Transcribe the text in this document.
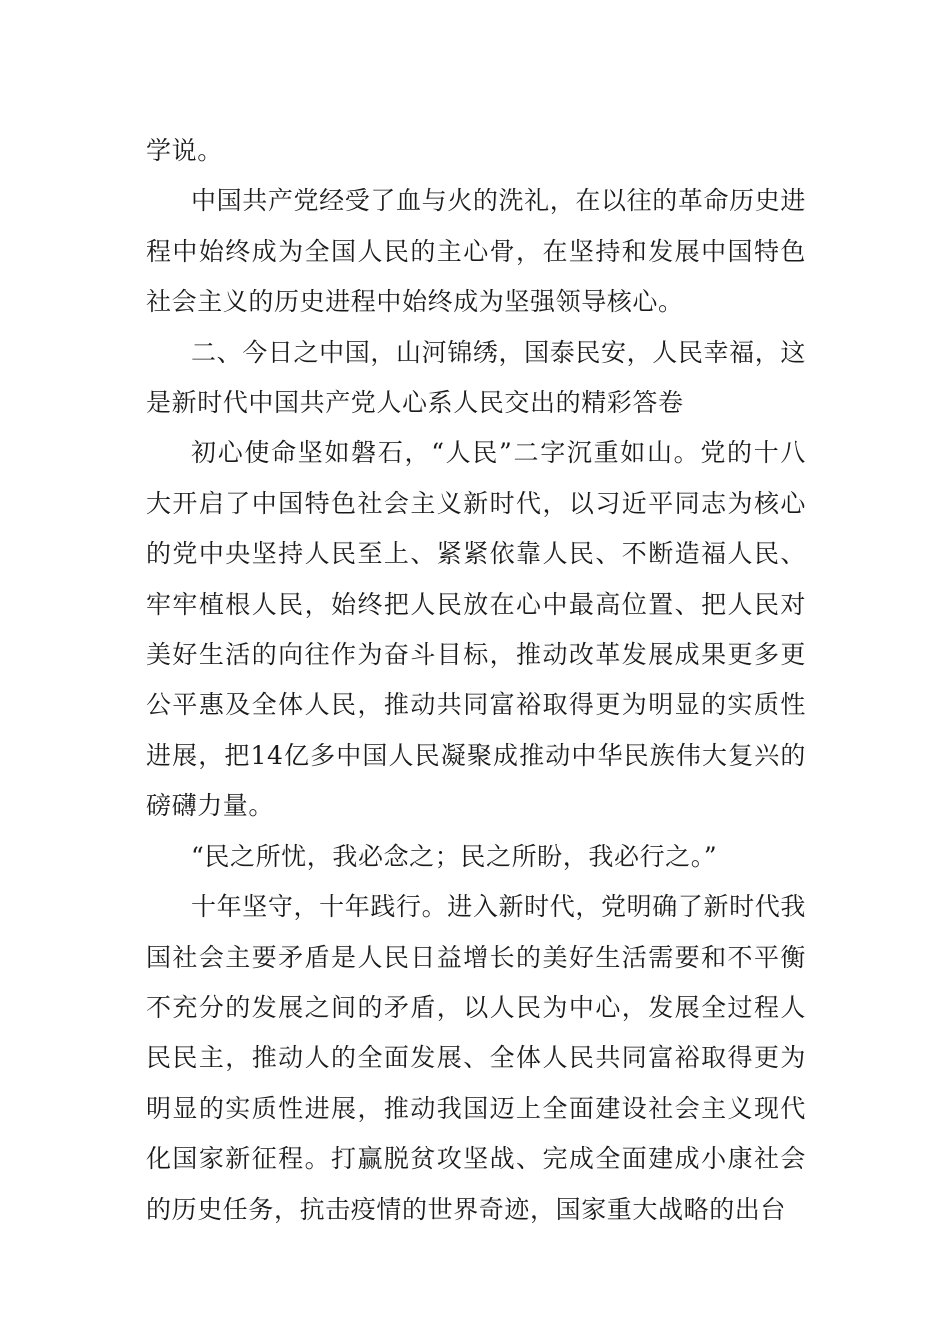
学说。

中国共产党经受了血与火的洗礼，在以往的革命历史进程中始终成为全国人民的主心骨，在坚持和发展中国特色社会主义的历史进程中始终成为坚强领导核心。

二、今日之中国，山河锦绣，国泰民安，人民幸福，这是新时代中国共产党人心系人民交出的精彩答卷

初心使命坚如磐石，“人民”二字沉重如山。党的十八大开启了中国特色社会主义新时代，以习近平同志为核心的党中央坚持人民至上、紧紧依靠人民、不断造福人民、牢牢植根人民，始终把人民放在心中最高位置、把人民对美好生活的向往作为奋斗目标，推动改革发展成果更多更公平惠及全体人民，推动共同富裕取得更为明显的实质性进展，把14亿多中国人民凝聚成推动中华民族伟大复兴的磅礴力量。

“民之所忧，我必念之；民之所盼，我必行之。”

十年坚守，十年践行。进入新时代，党明确了新时代我国社会主要矛盾是人民日益增长的美好生活需要和不平衡不充分的发展之间的矛盾，以人民为中心，发展全过程人民民主，推动人的全面发展、全体人民共同富裕取得更为明显的实质性进展，推动我国迈上全面建设社会主义现代化国家新征程。打赢脱贫攻坚战、完成全面建成小康社会的历史任务，抗击疫情的世界奇迹，国家重大战略的出台
